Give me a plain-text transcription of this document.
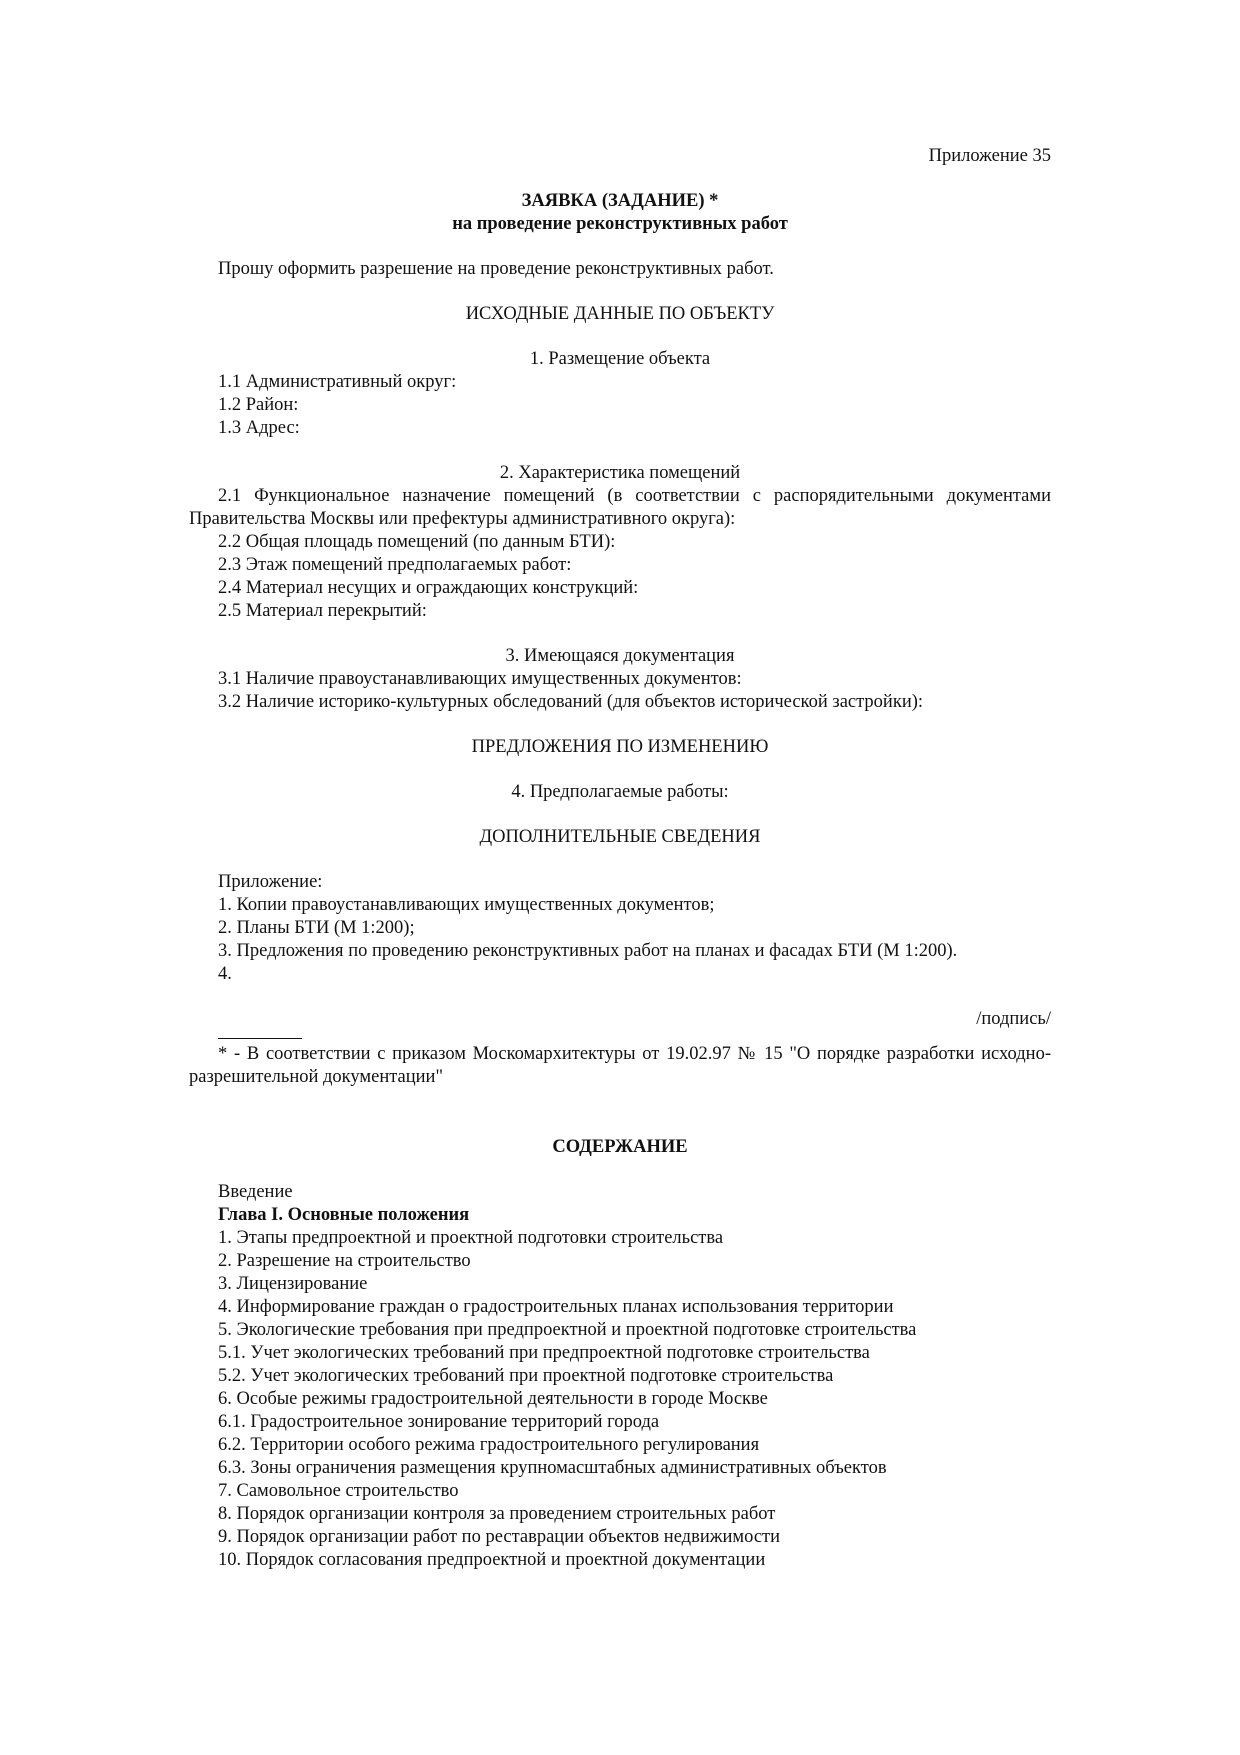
Приложение 35
ЗАЯВКА (ЗАДАНИЕ) *
на проведение реконструктивных работ
Прошу оформить разрешение на проведение реконструктивных работ.
ИСХОДНЫЕ ДАННЫЕ ПО ОБЪЕКТУ
1. Размещение объекта
1.1 Административный округ:
1.2 Район:
1.3 Адрес:
2. Характеристика помещений
2.1 Функциональное назначение помещений (в соответствии с распорядительными документами Правительства Москвы или префектуры административного округа):
2.2 Общая площадь помещений (по данным БТИ):
2.3 Этаж помещений предполагаемых работ:
2.4 Материал несущих и ограждающих конструкций:
2.5 Материал перекрытий:
3. Имеющаяся документация
3.1 Наличие правоустанавливающих имущественных документов:
3.2 Наличие историко-культурных обследований (для объектов исторической застройки):
ПРЕДЛОЖЕНИЯ ПО ИЗМЕНЕНИЮ
4. Предполагаемые работы:
ДОПОЛНИТЕЛЬНЫЕ СВЕДЕНИЯ
Приложение:
1. Копии правоустанавливающих имущественных документов;
2. Планы БТИ (М 1:200);
3. Предложения по проведению реконструктивных работ на планах и фасадах БТИ (М 1:200).
4.
/подпись/
* - В соответствии с приказом Москомархитектуры от 19.02.97 № 15 "О порядке разработки исходно-разрешительной документации"
СОДЕРЖАНИЕ
Введение
Глава I. Основные положения
1. Этапы предпроектной и проектной подготовки строительства
2. Разрешение на строительство
3. Лицензирование
4. Информирование граждан о градостроительных планах использования территории
5. Экологические требования при предпроектной и проектной подготовке строительства
5.1. Учет экологических требований при предпроектной подготовке строительства
5.2. Учет экологических требований при проектной подготовке строительства
6. Особые режимы градостроительной деятельности в городе Москве
6.1. Градостроительное зонирование территорий города
6.2. Территории особого режима градостроительного регулирования
6.3. Зоны ограничения размещения крупномасштабных административных объектов
7. Самовольное строительство
8. Порядок организации контроля за проведением строительных работ
9. Порядок организации работ по реставрации объектов недвижимости
10. Порядок согласования предпроектной и проектной документации
